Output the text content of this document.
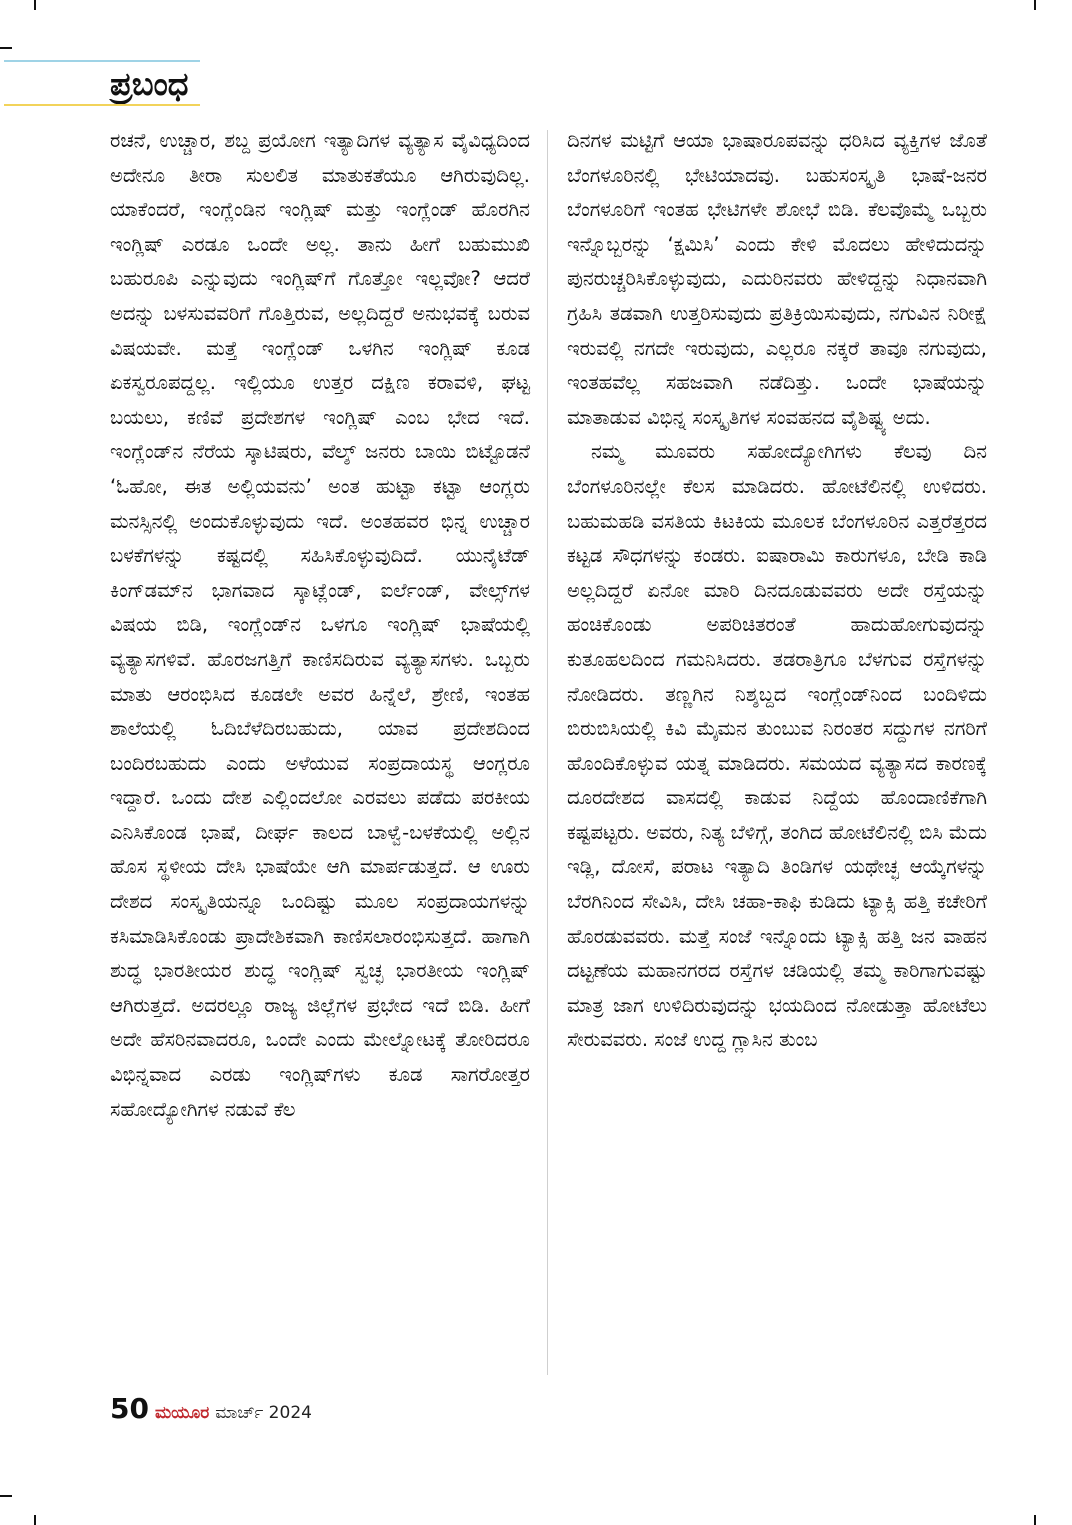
ಪ್ರಬಂಧ

ರಚನೆ, ಉಚ್ಚಾರ, ಶಬ್ದ ಪ್ರಯೋಗ ಇತ್ಯಾದಿಗಳ ವ್ಯತ್ಯಾಸ ವೈವಿಧ್ಯದಿಂದ ಅದೇನೂ ತೀರಾ ಸುಲಲಿತ ಮಾತುಕತೆಯೂ ಆಗಿರುವುದಿಲ್ಲ. ಯಾಕೆಂದರೆ, ಇಂಗ್ಲೆಂಡಿನ ಇಂಗ್ಲಿಷ್ ಮತ್ತು ಇಂಗ್ಲೆಂಡ್ ಹೊರಗಿನ ಇಂಗ್ಲಿಷ್ ಎರಡೂ ಒಂದೇ ಅಲ್ಲ. ತಾನು ಹೀಗೆ ಬಹುಮುಖಿ ಬಹುರೂಪಿ ಎನ್ನುವುದು ಇಂಗ್ಲಿಷ್‌ಗೆ ಗೊತ್ತೋ ಇಲ್ಲವೋ? ಆದರೆ ಅದನ್ನು ಬಳಸುವವರಿಗೆ ಗೊತ್ತಿರುವ, ಅಲ್ಲದಿದ್ದರೆ ಅನುಭವಕ್ಕೆ ಬರುವ ವಿಷಯವೇ. ಮತ್ತೆ ಇಂಗ್ಲೆಂಡ್ ಒಳಗಿನ ಇಂಗ್ಲಿಷ್ ಕೂಡ ಏಕಸ್ವರೂಪದ್ದಲ್ಲ. ಇಲ್ಲಿಯೂ ಉತ್ತರ ದಕ್ಷಿಣ ಕರಾವಳಿ, ಘಟ್ಟ ಬಯಲು, ಕಣಿವೆ ಪ್ರದೇಶಗಳ ಇಂಗ್ಲಿಷ್ ಎಂಬ ಭೇದ ಇದೆ. ಇಂಗ್ಲೆಂಡ್‌ನ ನೆರೆಯ ಸ್ಕಾಟಿಷರು, ವೆಲ್ಶ್ ಜನರು ಬಾಯಿ ಬಿಟ್ಟೊಡನೆ ‘ಓಹೋ, ಈತ ಅಲ್ಲಿಯವನು’ ಅಂತ ಹುಟ್ಟಾ ಕಟ್ಟಾ ಆಂಗ್ಲರು ಮನಸ್ಸಿನಲ್ಲಿ ಅಂದುಕೊಳ್ಳುವುದು ಇದೆ. ಅಂತಹವರ ಭಿನ್ನ ಉಚ್ಚಾರ ಬಳಕೆಗಳನ್ನು ಕಷ್ಟದಲ್ಲಿ ಸಹಿಸಿಕೊಳ್ಳುವುದಿದೆ. ಯುನೈಟೆಡ್ ಕಿಂಗ್‌ಡಮ್‌ನ ಭಾಗವಾದ ಸ್ಕಾಟ್ಲೆಂಡ್, ಐರ್ಲೆಂಡ್, ವೇಲ್ಸ್‌ಗಳ ವಿಷಯ ಬಿಡಿ, ಇಂಗ್ಲೆಂಡ್‌ನ ಒಳಗೂ ಇಂಗ್ಲಿಷ್ ಭಾಷೆಯಲ್ಲಿ ವ್ಯತ್ಯಾಸಗಳಿವೆ. ಹೊರಜಗತ್ತಿಗೆ ಕಾಣಿಸದಿರುವ ವ್ಯತ್ಯಾಸಗಳು. ಒಬ್ಬರು ಮಾತು ಆರಂಭಿಸಿದ ಕೂಡಲೇ ಅವರ ಹಿನ್ನೆಲೆ, ಶ್ರೇಣಿ, ಇಂತಹ ಶಾಲೆಯಲ್ಲಿ ಓದಿಬೆಳೆದಿರಬಹುದು, ಯಾವ ಪ್ರದೇಶದಿಂದ ಬಂದಿರಬಹುದು ಎಂದು ಅಳೆಯುವ ಸಂಪ್ರದಾಯಸ್ಥ ಆಂಗ್ಲರೂ ಇದ್ದಾರೆ. ಒಂದು ದೇಶ ಎಲ್ಲಿಂದಲೋ ಎರವಲು ಪಡೆದು ಪರಕೀಯ ಎನಿಸಿಕೊಂಡ ಭಾಷೆ, ದೀರ್ಘ ಕಾಲದ ಬಾಳ್ವೆ-ಬಳಕೆಯಲ್ಲಿ ಅಲ್ಲಿನ ಹೊಸ ಸ್ಥಳೀಯ ದೇಸಿ ಭಾಷೆಯೇ ಆಗಿ ಮಾರ್ಪಡುತ್ತದೆ. ಆ ಊರು ದೇಶದ ಸಂಸ್ಕೃತಿಯನ್ನೂ ಒಂದಿಷ್ಟು ಮೂಲ ಸಂಪ್ರದಾಯಗಳನ್ನು ಕಸಿಮಾಡಿಸಿಕೊಂಡು ಪ್ರಾದೇಶಿಕವಾಗಿ ಕಾಣಿಸಲಾರಂಭಿಸುತ್ತದೆ. ಹಾಗಾಗಿ ಶುದ್ಧ ಭಾರತೀಯರ ಶುದ್ಧ ಇಂಗ್ಲಿಷ್ ಸ್ವಚ್ಛ ಭಾರತೀಯ ಇಂಗ್ಲಿಷ್ ಆಗಿರುತ್ತದೆ. ಅದರಲ್ಲೂ ರಾಜ್ಯ ಜಿಲ್ಲೆಗಳ ಪ್ರಭೇದ ಇದೆ ಬಿಡಿ. ಹೀಗೆ ಅದೇ ಹೆಸರಿನವಾದರೂ, ಒಂದೇ ಎಂದು ಮೇಲ್ನೋಟಕ್ಕೆ ತೋರಿದರೂ ವಿಭಿನ್ನವಾದ ಎರಡು ಇಂಗ್ಲಿಷ್‌ಗಳು ಕೂಡ ಸಾಗರೋತ್ತರ ಸಹೋದ್ಯೋಗಿಗಳ ನಡುವೆ ಕೆಲ

ದಿನಗಳ ಮಟ್ಟಿಗೆ ಆಯಾ ಭಾಷಾರೂಪವನ್ನು ಧರಿಸಿದ ವ್ಯಕ್ತಿಗಳ ಜೊತೆ ಬೆಂಗಳೂರಿನಲ್ಲಿ ಭೇಟಿಯಾದವು. ಬಹುಸಂಸ್ಕೃತಿ ಭಾಷೆ-ಜನರ ಬೆಂಗಳೂರಿಗೆ ಇಂತಹ ಭೇಟಿಗಳೇ ಶೋಭೆ ಬಿಡಿ. ಕೆಲವೊಮ್ಮೆ ಒಬ್ಬರು ಇನ್ನೊಬ್ಬರನ್ನು ‘ಕ್ಷಮಿಸಿ’ ಎಂದು ಕೇಳಿ ಮೊದಲು ಹೇಳಿದುದನ್ನು ಪುನರುಚ್ಚರಿಸಿಕೊಳ್ಳುವುದು, ಎದುರಿನವರು ಹೇಳಿದ್ದನ್ನು ನಿಧಾನವಾಗಿ ಗ್ರಹಿಸಿ ತಡವಾಗಿ ಉತ್ತರಿಸುವುದು ಪ್ರತಿಕ್ರಿಯಿಸುವುದು, ನಗುವಿನ ನಿರೀಕ್ಷೆ ಇರುವಲ್ಲಿ ನಗದೇ ಇರುವುದು, ಎಲ್ಲರೂ ನಕ್ಕರೆ ತಾವೂ ನಗುವುದು, ಇಂತಹವೆಲ್ಲ ಸಹಜವಾಗಿ ನಡೆದಿತ್ತು. ಒಂದೇ ಭಾಷೆಯನ್ನು ಮಾತಾಡುವ ವಿಭಿನ್ನ ಸಂಸ್ಕೃತಿಗಳ ಸಂವಹನದ ವೈಶಿಷ್ಟ್ಯ ಅದು.

ನಮ್ಮ ಮೂವರು ಸಹೋದ್ಯೋಗಿಗಳು ಕೆಲವು ದಿನ ಬೆಂಗಳೂರಿನಲ್ಲೇ ಕೆಲಸ ಮಾಡಿದರು. ಹೋಟೆಲಿನಲ್ಲಿ ಉಳಿದರು. ಬಹುಮಹಡಿ ವಸತಿಯ ಕಿಟಕಿಯ ಮೂಲಕ ಬೆಂಗಳೂರಿನ ಎತ್ತರೆತ್ತರದ ಕಟ್ಟಡ ಸೌಧಗಳನ್ನು ಕಂಡರು. ಐಷಾರಾಮಿ ಕಾರುಗಳೂ, ಬೇಡಿ ಕಾಡಿ ಅಲ್ಲದಿದ್ದರೆ ಏನೋ ಮಾರಿ ದಿನದೂಡುವವರು ಅದೇ ರಸ್ತೆಯನ್ನು ಹಂಚಿಕೊಂಡು ಅಪರಿಚಿತರಂತೆ ಹಾದುಹೋಗುವುದನ್ನು ಕುತೂಹಲದಿಂದ ಗಮನಿಸಿದರು. ತಡರಾತ್ರಿಗೂ ಬೆಳಗುವ ರಸ್ತೆಗಳನ್ನು ನೋಡಿದರು. ತಣ್ಣಗಿನ ನಿಶ್ಶಬ್ದದ ಇಂಗ್ಲೆಂಡ್‌ನಿಂದ ಬಂದಿಳಿದು ಬಿರುಬಿಸಿಯಲ್ಲಿ ಕಿವಿ ಮೈಮನ ತುಂಬುವ ನಿರಂತರ ಸದ್ದುಗಳ ನಗರಿಗೆ ಹೊಂದಿಕೊಳ್ಳುವ ಯತ್ನ ಮಾಡಿದರು. ಸಮಯದ ವ್ಯತ್ಯಾಸದ ಕಾರಣಕ್ಕೆ ದೂರದೇಶದ ವಾಸದಲ್ಲಿ ಕಾಡುವ ನಿದ್ದೆಯ ಹೊಂದಾಣಿಕೆಗಾಗಿ ಕಷ್ಟಪಟ್ಟರು. ಅವರು, ನಿತ್ಯ ಬೆಳಿಗ್ಗೆ, ತಂಗಿದ ಹೋಟೆಲಿನಲ್ಲಿ ಬಿಸಿ ಮೆದು ಇಡ್ಲಿ, ದೋಸೆ, ಪರಾಟ ಇತ್ಯಾದಿ ತಿಂಡಿಗಳ ಯಥೇಚ್ಛ ಆಯ್ಕೆಗಳನ್ನು ಬೆರಗಿನಿಂದ ಸೇವಿಸಿ, ದೇಸಿ ಚಹಾ-ಕಾಫಿ ಕುಡಿದು ಟ್ಯಾಕ್ಸಿ ಹತ್ತಿ ಕಚೇರಿಗೆ ಹೊರಡುವವರು. ಮತ್ತೆ ಸಂಜೆ ಇನ್ನೊಂದು ಟ್ಯಾಕ್ಸಿ ಹತ್ತಿ ಜನ ವಾಹನ ದಟ್ಟಣೆಯ ಮಹಾನಗರದ ರಸ್ತೆಗಳ ಚಡಿಯಲ್ಲಿ ತಮ್ಮ ಕಾರಿಗಾಗುವಷ್ಟು ಮಾತ್ರ ಜಾಗ ಉಳಿದಿರುವುದನ್ನು ಭಯದಿಂದ ನೋಡುತ್ತಾ ಹೋಟೆಲು ಸೇರುವವರು. ಸಂಜೆ ಉದ್ದ ಗ್ಲಾಸಿನ ತುಂಬ

50 ಮಯೂರ ಮಾರ್ಚ್ 2024
